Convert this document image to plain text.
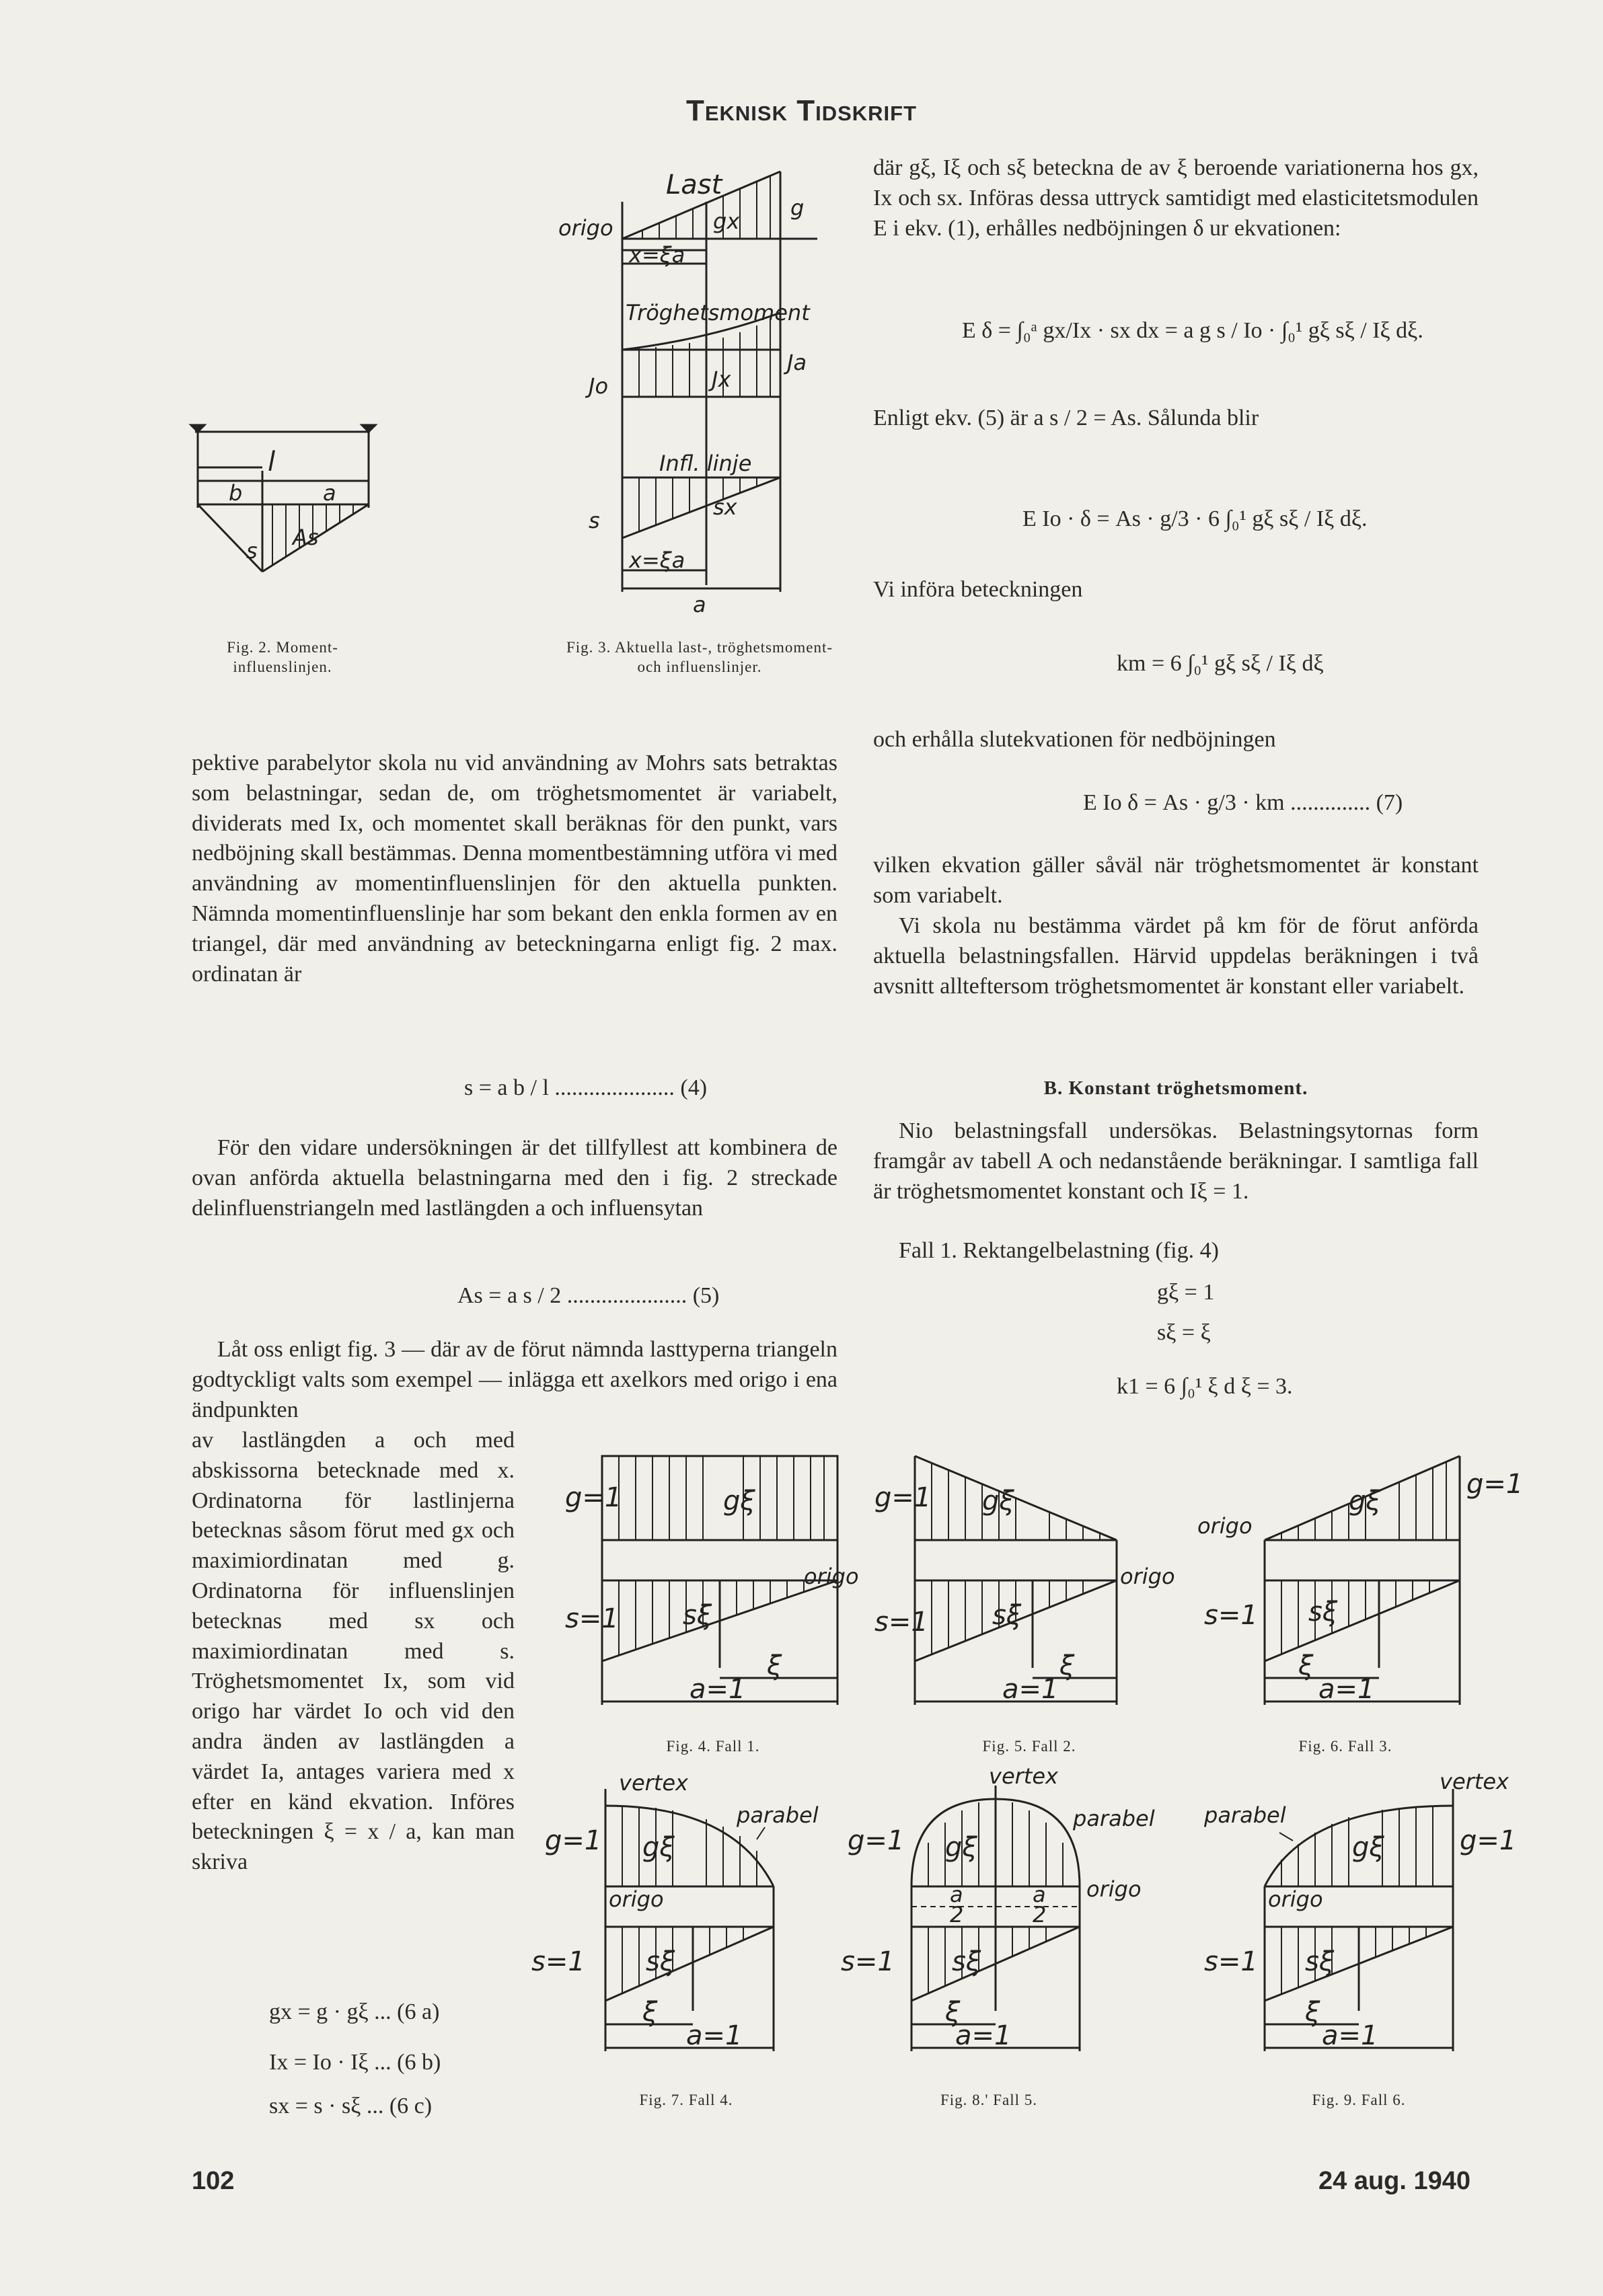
Teknisk Tidskrift
l
b	a
s
As
Fig. 2. Moment-influenslinjen.
Last
origo	gx
g
x=ξa
Tröghetsmoment
Jo	Jx
Ja
Infl. linje
s
sx
x=ξa
a
Fig. 3. Aktuella last-, tröghetsmoment- och influenslinjer.

pektive parabelytor skola nu vid användning av Mohrs sats betraktas som belastningar, sedan de, om tröghetsmomentet är variabelt, dividerats med Ix, och momentet skall beräknas för den punkt, vars nedböjning skall bestämmas. Denna momentbestämning utföra vi med användning av momentinfluenslinjen för den aktuella punkten. Nämnda momentinfluenslinje har som bekant den enkla formen av en triangel, där med användning av beteckningarna enligt fig. 2 max. ordinatan är

s = a b / l ..................... (4)

För den vidare undersökningen är det tillfyllest att kombinera de ovan anförda aktuella belastningarna med den i fig. 2 streckade delinfluenstriangeln med lastlängden a och influensytan

As = a s / 2 ..................... (5)

Låt oss enligt fig. 3 — där av de förut nämnda lasttyperna triangeln godtyckligt valts som exempel — inlägga ett axelkors med origo i ena ändpunkten

av lastlängden a och med abskissorna betecknade med x. Ordinatorna för lastlinjerna betecknas såsom förut med gx och maximiordinatan med g. Ordinatorna för influenslinjen betecknas med sx och maximiordinatan med s. Tröghetsmomentet Ix, som vid origo har värdet Io och vid den andra änden av lastlängden a värdet Ia, antages variera med x efter en känd ekvation. Införes beteckningen ξ = x / a, kan man skriva

gx = g · gξ ... (6 a)
Ix = Io · Iξ ... (6 b)
sx = s · sξ ... (6 c)

där gξ, Iξ och sξ beteckna de av ξ beroende variationerna hos gx, Ix och sx. Införas dessa uttryck samtidigt med elasticitetsmodulen E i ekv. (1), erhålles nedböjningen δ ur ekvationen:

E δ = ∫₀ᵃ gx/Ix · sx dx = a g s / Io · ∫₀¹ gξ sξ / Iξ dξ.

Enligt ekv. (5) är a s / 2 = As. Sålunda blir

E Io · δ = As · g/3 · 6 ∫₀¹ gξ sξ / Iξ dξ.

Vi införa beteckningen

km = 6 ∫₀¹ gξ sξ / Iξ dξ

och erhålla slutekvationen för nedböjningen

E Io δ = As · g/3 · km .............. (7)

vilken ekvation gäller såväl när tröghetsmomentet är konstant som variabelt.

Vi skola nu bestämma värdet på km för de förut anförda aktuella belastningsfallen. Härvid uppdelas beräkningen i två avsnitt allteftersom tröghetsmomentet är konstant eller variabelt.

B. Konstant tröghetsmoment.

Nio belastningsfall undersökas. Belastningsytornas form framgår av tabell A och nedanstående beräkningar. I samtliga fall är tröghetsmomentet konstant och Iξ = 1.

Fall 1. Rektangelbelastning (fig. 4)

gξ = 1
sξ = ξ
k1 = 6 ∫₀¹ ξ d ξ = 3.
g=1	gξ
s=1 sξ
origo
ξ
a=1
Fig. 4. Fall 1.
g=1 gξ
s=1 sξ
origo
ξ
a=1
Fig. 5. Fall 2.
origo
gξ
g=1
s=1 sξ
ξ
a=1
Fig. 6. Fall 3.
vertex
parabel
g=1 gξ
origo
s=1 sξ
ξ
a=1
Fig. 7. Fall 4.
vertex
parabel
g=1 gξ
origo
a
2
a
2
s=1 sξ
ξ
a=1
Fig. 8.' Fall 5.
parabel
vertex
gξ	g=1
origo
s=1 sξ
ξ
a=1
Fig. 9. Fall 6.
102	24 aug. 1940
